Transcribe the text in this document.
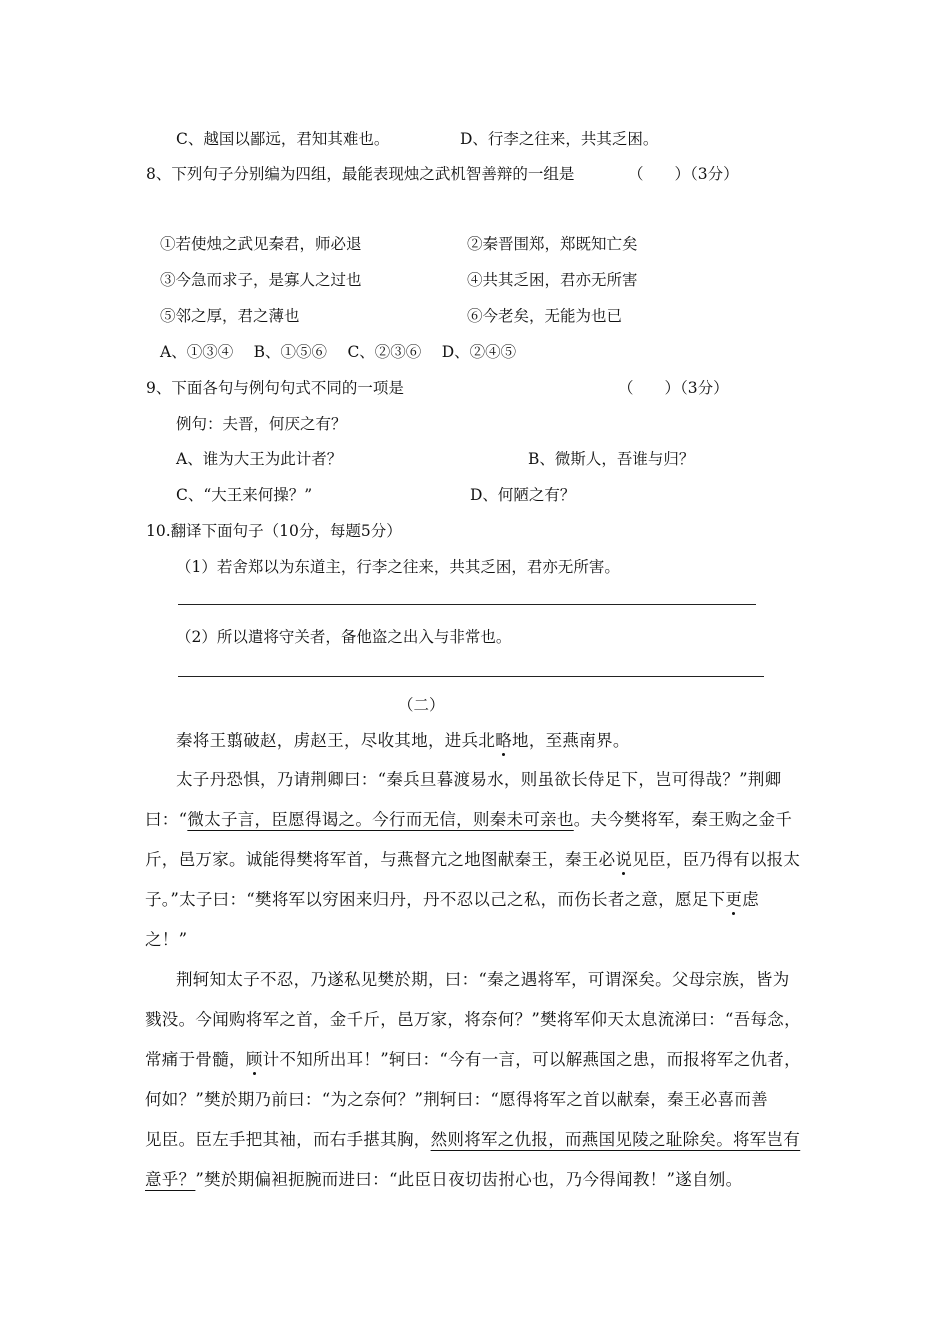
C、越国以鄙远，君知其难也。	D、行李之往来，共其乏困。
8、下列句子分别编为四组，最能表现烛之武机智善辩的一组是	（　　）（3分）
①若使烛之武见秦君，师必退	②秦晋围郑，郑既知亡矣
③今急而求子，是寡人之过也	④共其乏困，君亦无所害
⑤邻之厚，君之薄也	⑥今老矣，无能为也已
A、①③④　 B、①⑤⑥　 C、②③⑥　 D、②④⑤
9、下面各句与例句句式不同的一项是	（　　）（3分）
例句：夫晋，何厌之有？
A、谁为大王为此计者？	B、微斯人，吾谁与归？
C、“大王来何操？”	D、何陋之有？
10.翻译下面句子（10分，每题5分）
（1）若舍郑以为东道主，行李之往来，共其乏困，君亦无所害。
（2）所以遣将守关者，备他盗之出入与非常也。
（二）
秦将王翦破赵，虏赵王，尽收其地，进兵北略地，至燕南界。
太子丹恐惧，乃请荆卿曰：“秦兵旦暮渡易水，则虽欲长侍足下，岂可得哉？”荆卿
曰：“微太子言，臣愿得谒之。今行而无信，则秦未可亲也。夫今樊将军，秦王购之金千
斤，邑万家。诚能得樊将军首，与燕督亢之地图献秦王，秦王必说见臣，臣乃得有以报太
子。”太子曰：“樊将军以穷困来归丹，丹不忍以己之私，而伤长者之意，愿足下更虑
之！”
荆轲知太子不忍，乃遂私见樊於期，曰：“秦之遇将军，可谓深矣。父母宗族，皆为
戮没。今闻购将军之首，金千斤，邑万家，将奈何？”樊将军仰天太息流涕曰：“吾每念，
常痛于骨髓，顾计不知所出耳！”轲曰：“今有一言，可以解燕国之患，而报将军之仇者，
何如？”樊於期乃前曰：“为之奈何？”荆轲曰：“愿得将军之首以献秦，秦王必喜而善
见臣。臣左手把其袖，而右手揕其胸，然则将军之仇报，而燕国见陵之耻除矣。将军岂有
意乎？”樊於期偏袒扼腕而进曰：“此臣日夜切齿拊心也，乃今得闻教！”遂自刎。
